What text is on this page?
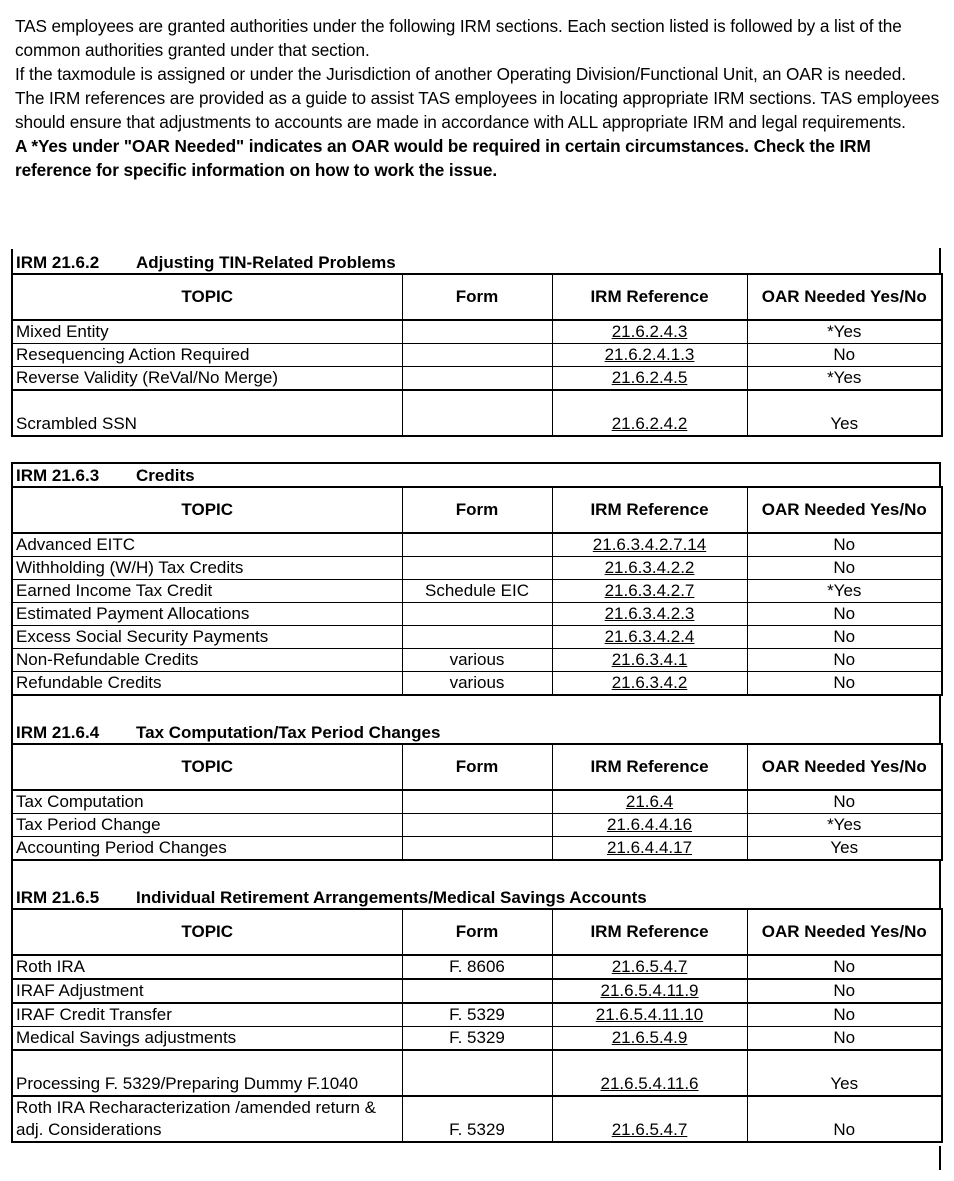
TAS employees are granted authorities under the following IRM sections. Each section listed is followed by a list of the common authorities granted under that section.

If the taxmodule is assigned or under the Jurisdiction of another Operating Division/Functional Unit, an OAR is needed.

The IRM references are provided as a guide to assist TAS employees in locating appropriate IRM sections. TAS employees should ensure that adjustments to accounts are made in accordance with ALL appropriate IRM and legal requirements.

A *Yes under "OAR Needed" indicates an OAR would be required in certain circumstances. Check the IRM reference for specific information on how to work the issue.

IRM 21.6.2	Adjusting TIN-Related Problems
TOPIC	Form	IRM Reference	OAR Needed Yes/No
Mixed Entity		21.6.2.4.3	*Yes
Resequencing Action Required		21.6.2.4.1.3	No
Reverse Validity (ReVal/No Merge)		21.6.2.4.5	*Yes
Scrambled SSN		21.6.2.4.2	Yes
IRM 21.6.3	Credits
TOPIC	Form	IRM Reference	OAR Needed Yes/No
Advanced EITC		21.6.3.4.2.7.14	No
Withholding (W/H) Tax Credits		21.6.3.4.2.2	No
Earned Income Tax Credit	Schedule EIC	21.6.3.4.2.7	*Yes
Estimated Payment Allocations		21.6.3.4.2.3	No
Excess Social Security Payments		21.6.3.4.2.4	No
Non-Refundable Credits	various	21.6.3.4.1	No
Refundable Credits	various	21.6.3.4.2	No
IRM 21.6.4	Tax Computation/Tax Period Changes
TOPIC	Form	IRM Reference	OAR Needed Yes/No
Tax Computation		21.6.4	No
Tax Period Change		21.6.4.4.16	*Yes
Accounting Period Changes		21.6.4.4.17	Yes
IRM 21.6.5	Individual Retirement Arrangements/Medical Savings Accounts
TOPIC	Form	IRM Reference	OAR Needed Yes/No
Roth IRA	F. 8606	21.6.5.4.7	No
IRAF Adjustment		21.6.5.4.11.9	No
IRAF Credit Transfer	F. 5329	21.6.5.4.11.10	No
Medical Savings adjustments	F. 5329	21.6.5.4.9	No
Processing F. 5329/Preparing Dummy F.1040		21.6.5.4.11.6	Yes
Roth IRA Recharacterization /amended return & adj. Considerations	F. 5329	21.6.5.4.7	No
